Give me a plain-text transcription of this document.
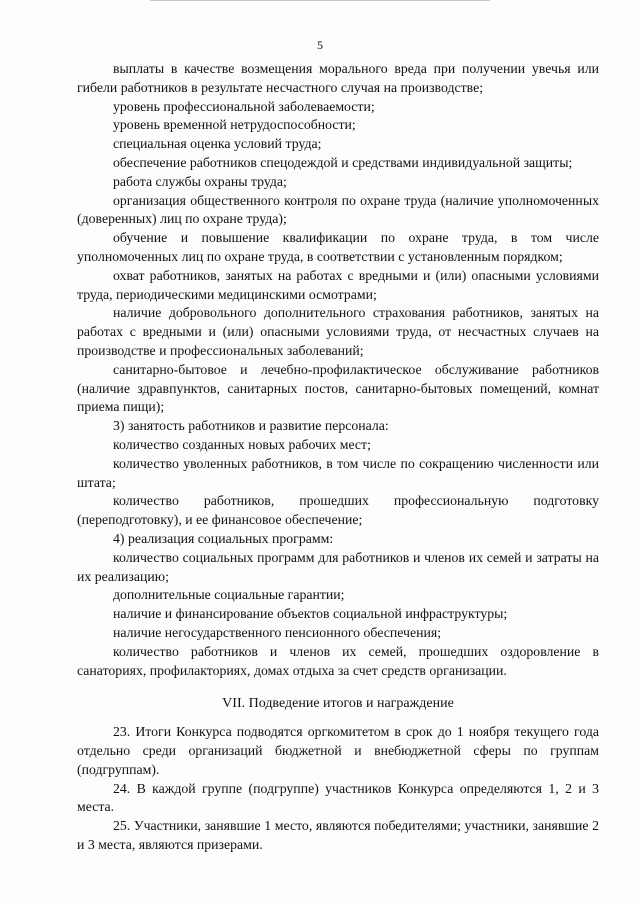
5

выплаты в качестве возмещения морального вреда при получении увечья или гибели работников в результате несчастного случая на производстве;

уровень профессиональной заболеваемости;

уровень временной нетрудоспособности;

специальная оценка условий труда;

обеспечение работников спецодеждой и средствами индивидуальной защиты;

работа службы охраны труда;

организация общественного контроля по охране труда (наличие уполномоченных (доверенных) лиц по охране труда);

обучение и повышение квалификации по охране труда, в том числе уполномоченных лиц по охране труда, в соответствии с установленным порядком;

охват работников, занятых на работах с вредными и (или) опасными условиями труда, периодическими медицинскими осмотрами;

наличие добровольного дополнительного страхования работников, занятых на работах с вредными и (или) опасными условиями труда, от несчастных случаев на производстве и профессиональных заболеваний;

санитарно-бытовое и лечебно-профилактическое обслуживание работников (наличие здравпунктов, санитарных постов, санитарно-бытовых помещений, комнат приема пищи);

3) занятость работников и развитие персонала:

количество созданных новых рабочих мест;

количество уволенных работников, в том числе по сокращению численности или штата;

количество работников, прошедших профессиональную подготовку (переподготовку), и ее финансовое обеспечение;

4) реализация социальных программ:

количество социальных программ для работников и членов их семей и затраты на их реализацию;

дополнительные социальные гарантии;

наличие и финансирование объектов социальной инфраструктуры;

наличие негосударственного пенсионного обеспечения;

количество работников и членов их семей, прошедших оздоровление в санаториях, профилакториях, домах отдыха за счет средств организации.

VII. Подведение итогов и награждение

23. Итоги Конкурса подводятся оргкомитетом в срок до 1 ноября текущего года отдельно среди организаций бюджетной и внебюджетной сферы по группам (подгруппам).

24. В каждой группе (подгруппе) участников Конкурса определяются 1, 2 и 3 места.

25. Участники, занявшие 1 место, являются победителями; участники, занявшие 2 и 3 места, являются призерами.
